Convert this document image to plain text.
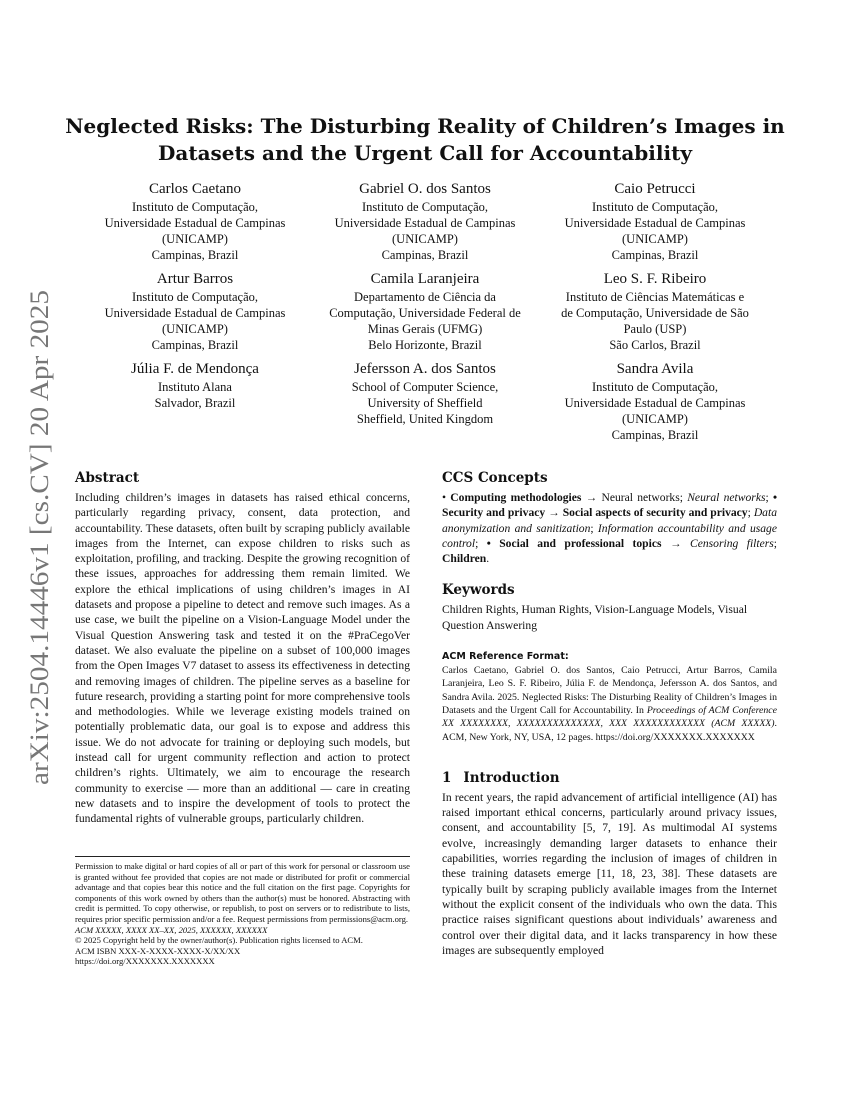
arXiv:2504.14446v1 [cs.CV] 20 Apr 2025
Neglected Risks: The Disturbing Reality of Children’s Images in
Datasets and the Urgent Call for Accountability
Carlos Caetano
Instituto de Computação,
Universidade Estadual de Campinas
(UNICAMP)
Campinas, Brazil
Gabriel O. dos Santos
Instituto de Computação,
Universidade Estadual de Campinas
(UNICAMP)
Campinas, Brazil
Caio Petrucci
Instituto de Computação,
Universidade Estadual de Campinas
(UNICAMP)
Campinas, Brazil
Artur Barros
Instituto de Computação,
Universidade Estadual de Campinas
(UNICAMP)
Campinas, Brazil
Camila Laranjeira
Departamento de Ciência da
Computação, Universidade Federal de
Minas Gerais (UFMG)
Belo Horizonte, Brazil
Leo S. F. Ribeiro
Instituto de Ciências Matemáticas e
de Computação, Universidade de São
Paulo (USP)
São Carlos, Brazil
Júlia F. de Mendonça
Instituto Alana
Salvador, Brazil
Jefersson A. dos Santos
School of Computer Science,
University of Sheffield
Sheffield, United Kingdom
Sandra Avila
Instituto de Computação,
Universidade Estadual de Campinas
(UNICAMP)
Campinas, Brazil
Abstract

Including children’s images in datasets has raised ethical concerns, particularly regarding privacy, consent, data protection, and accountability. These datasets, often built by scraping publicly available images from the Internet, can expose children to risks such as exploitation, profiling, and tracking. Despite the growing recognition of these issues, approaches for addressing them remain limited. We explore the ethical implications of using children’s images in AI datasets and propose a pipeline to detect and remove such images. As a use case, we built the pipeline on a Vision-Language Model under the Visual Question Answering task and tested it on the #PraCegoVer dataset. We also evaluate the pipeline on a subset of 100,000 images from the Open Images V7 dataset to assess its effectiveness in detecting and removing images of children. The pipeline serves as a baseline for future research, providing a starting point for more comprehensive tools and methodologies. While we leverage existing models trained on potentially problematic data, our goal is to expose and address this issue. We do not advocate for training or deploying such models, but instead call for urgent community reflection and action to protect children’s rights. Ultimately, we aim to encourage the research community to exercise — more than an additional — care in creating new datasets and to inspire the development of tools to protect the fundamental rights of vulnerable groups, particularly children.

Permission to make digital or hard copies of all or part of this work for personal or classroom use is granted without fee provided that copies are not made or distributed for profit or commercial advantage and that copies bear this notice and the full citation on the first page. Copyrights for components of this work owned by others than the author(s) must be honored. Abstracting with credit is permitted. To copy otherwise, or republish, to post on servers or to redistribute to lists, requires prior specific permission and/or a fee. Request permissions from permissions@acm.org.

ACM XXXXX, XXXX XX–XX, 2025, XXXXXX, XXXXXX

© 2025 Copyright held by the owner/author(s). Publication rights licensed to ACM.

ACM ISBN XXX-X-XXXX-XXXX-X/XX/XX

https://doi.org/XXXXXXX.XXXXXXX

CCS Concepts

• Computing methodologies → Neural networks; Neural networks; • Security and privacy → Social aspects of security and privacy; Data anonymization and sanitization; Information accountability and usage control; • Social and professional topics → Censoring filters; Children.

Keywords

Children Rights, Human Rights, Vision-Language Models, Visual Question Answering

ACM Reference Format:

Carlos Caetano, Gabriel O. dos Santos, Caio Petrucci, Artur Barros, Camila Laranjeira, Leo S. F. Ribeiro, Júlia F. de Mendonça, Jefersson A. dos Santos, and Sandra Avila. 2025. Neglected Risks: The Disturbing Reality of Children’s Images in Datasets and the Urgent Call for Accountability. In Proceedings of ACM Conference XX XXXXXXXX, XXXXXXXXXXXXXX, XXX XXXXXXXXXXXX (ACM XXXXX). ACM, New York, NY, USA, 12 pages. https://doi.org/XXXXXXX.XXXXXXX

1 Introduction

In recent years, the rapid advancement of artificial intelligence (AI) has raised important ethical concerns, particularly around privacy issues, consent, and accountability [5, 7, 19]. As multimodal AI systems evolve, increasingly demanding larger datasets to enhance their capabilities, worries regarding the inclusion of images of children in these training datasets emerge [11, 18, 23, 38]. These datasets are typically built by scraping publicly available images from the Internet without the explicit consent of the individuals who own the data. This practice raises significant questions about individuals’ awareness and control over their digital data, and it lacks transparency in how these images are subsequently employed
